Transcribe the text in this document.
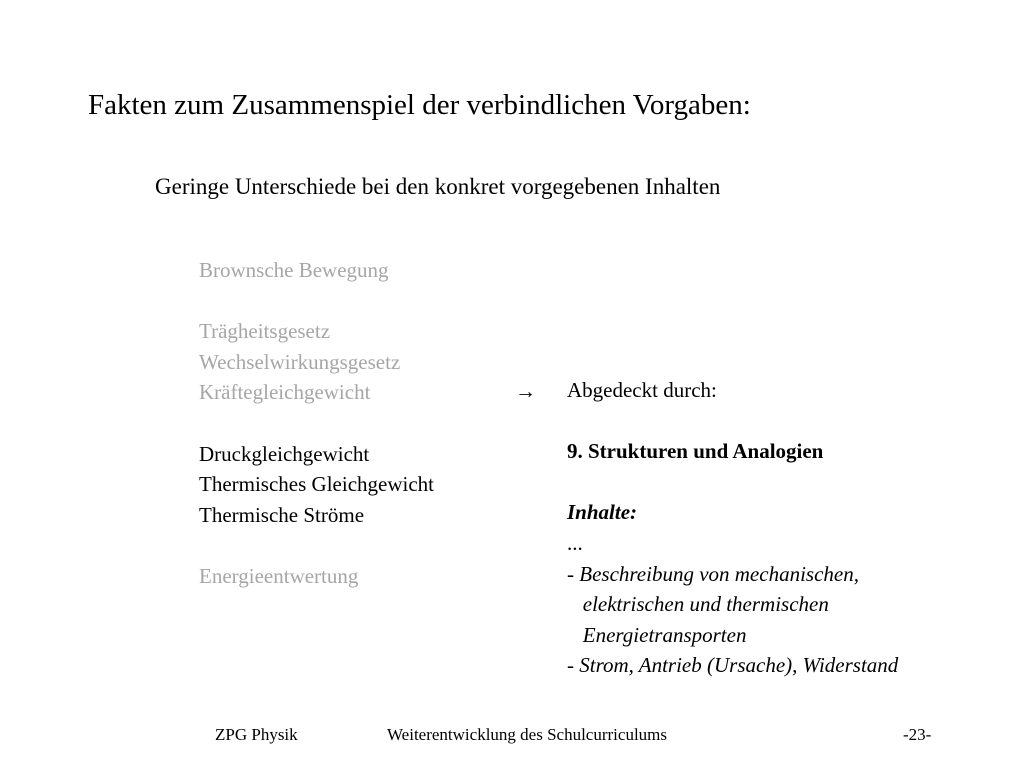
Fakten zum Zusammenspiel der verbindlichen Vorgaben:
Geringe Unterschiede bei den konkret vorgegebenen Inhalten
Brownsche Bewegung
Trägheitsgesetz
Wechselwirkungsgesetz
Kräftegleichgewicht
Druckgleichgewicht
Thermisches Gleichgewicht
Thermische Ströme
Energieentwertung
→ Abgedeckt durch:
9. Strukturen und Analogien
Inhalte:
...
- Beschreibung von mechanischen,
elektrischen und thermischen
Energietransporten
- Strom, Antrieb (Ursache), Widerstand
ZPG Physik	Weiterentwicklung des Schulcurriculums	-23-
